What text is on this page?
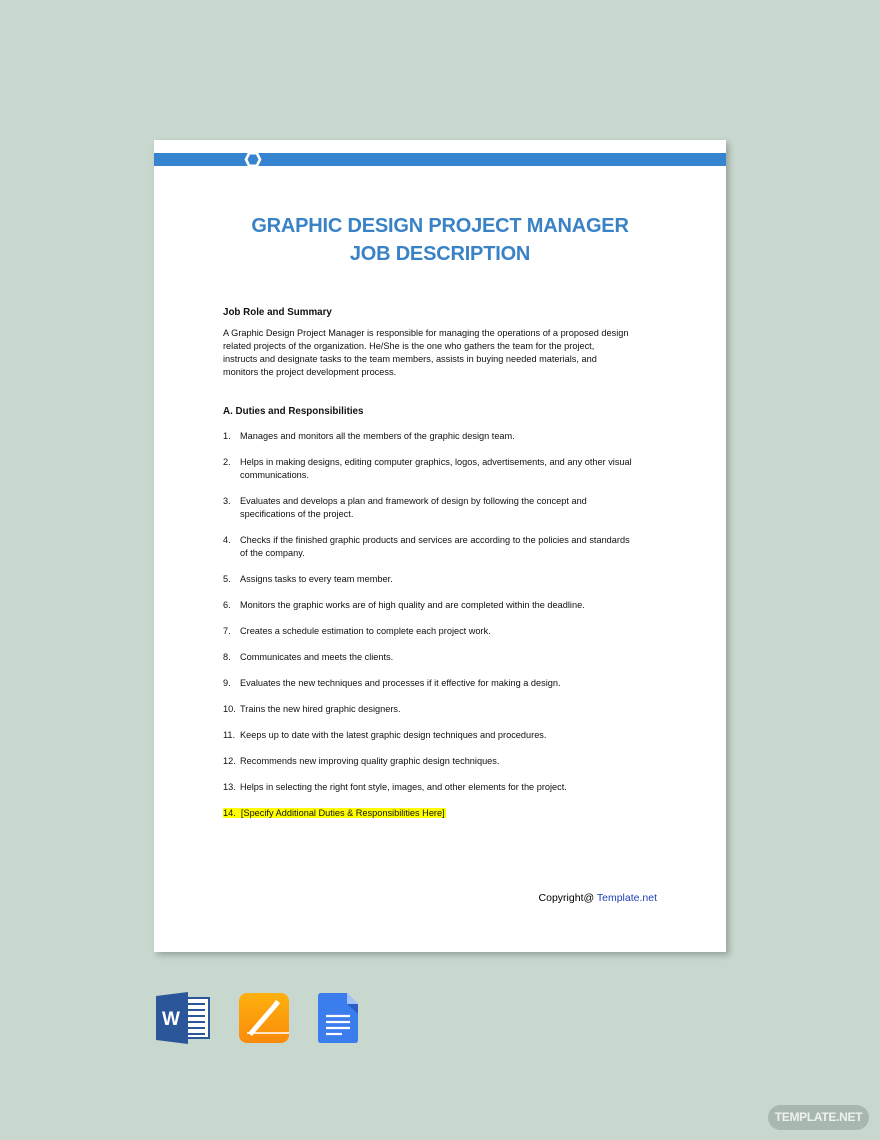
GRAPHIC DESIGN PROJECT MANAGER
JOB DESCRIPTION
Job Role and Summary
A Graphic Design Project Manager is responsible for managing the operations of a proposed design
related projects of the organization. He/She is the one who gathers the team for the project,
instructs and designate tasks to the team members, assists in buying needed materials, and
monitors the project development process.
A. Duties and Responsibilities
1. Manages and monitors all the members of the graphic design team.
2. Helps in making designs, editing computer graphics, logos, advertisements, and any other visual
communications.
3. Evaluates and develops a plan and framework of design by following the concept and
specifications of the project.
4. Checks if the finished graphic products and services are according to the policies and standards
of the company.
5. Assigns tasks to every team member.
6. Monitors the graphic works are of high quality and are completed within the deadline.
7. Creates a schedule estimation to complete each project work.
8. Communicates and meets the clients.
9. Evaluates the new techniques and processes if it effective for making a design.
10. Trains the new hired graphic designers.
11. Keeps up to date with the latest graphic design techniques and procedures.
12. Recommends new improving quality graphic design techniques.
13. Helps in selecting the right font style, images, and other elements for the project.
14. [Specify Additional Duties & Responsibilities Here]
Copyright@ Template.net
W
TEMPLATE.NET
